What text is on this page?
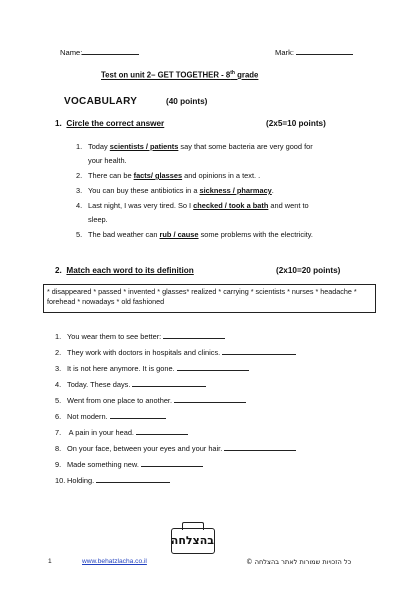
Name:	Mark:
Test on unit 2– GET TOGETHER - 8th grade
VOCABULARY	(40 points)
1. Circle the correct answer	(2x5=10 points)
1. Today scientists / patients say that some bacteria are very good for
your health.
2. There can be facts/ glasses and opinions in a text. .
3. You can buy these antibiotics in a sickness / pharmacy.
4. Last night, I was very tired. So I checked / took a bath and went to
sleep.
5. The bad weather can rub / cause some problems with the electricity.
2. Match each word to its definition	(2x10=20 points)
* disappeared * passed * invented * glasses* realized * carrying * scientists * nurses * headache * forehead * nowadays * old fashioned
1. You wear them to see better:
2. They work with doctors in hospitals and clinics.
3. It is not here anymore. It is gone.
4. Today. These days.
5. Went from one place to another.
6. Not modern.
7. A pain in your head.
8. On your face, between your eyes and your hair.
9. Made something new.
10. Holding.
בהצלחה
1	www.behatzlacha.co.il	כל הזכויות שמורות לאתר בהצלחה ©
